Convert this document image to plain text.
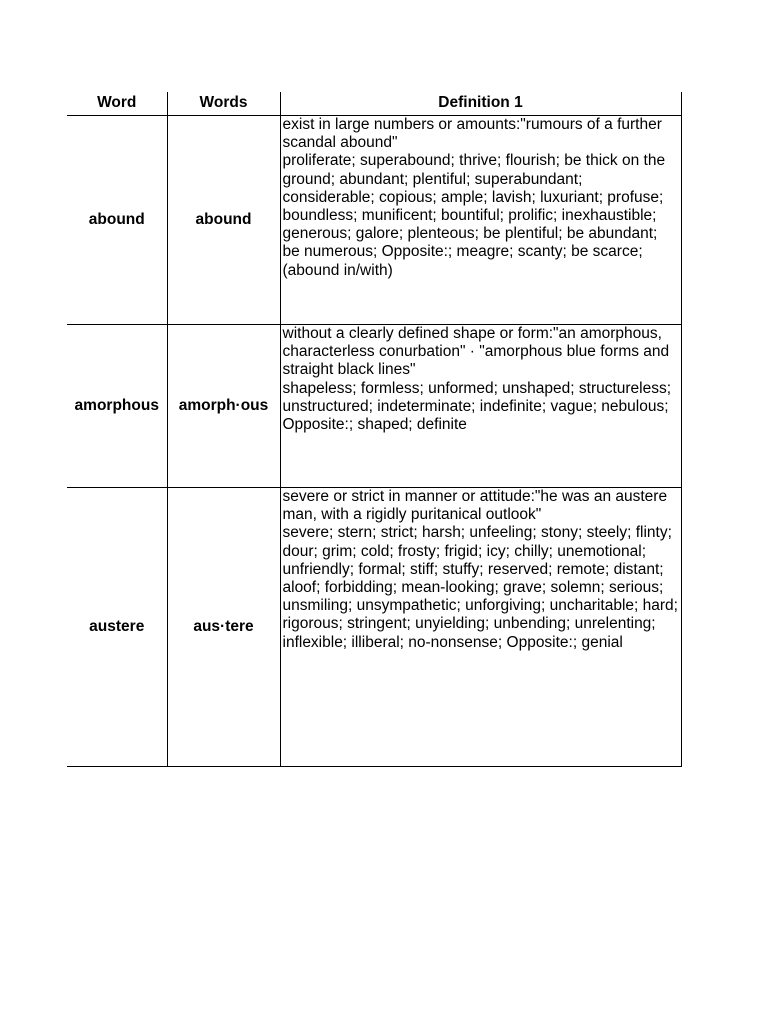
Word	Words	Definition 1
abound	abound	exist in large numbers or amounts:"rumours of a further scandal abound"
proliferate; superabound; thrive; flourish; be thick on the ground; abundant; plentiful; superabundant; considerable; copious; ample; lavish; luxuriant; profuse; boundless; munificent; bountiful; prolific; inexhaustible; generous; galore; plenteous; be plentiful; be abundant; be numerous; Opposite:; meagre; scanty; be scarce; (abound in/with)

amorphous	amorph·ous	without a clearly defined shape or form:"an amorphous, characterless conurbation" · "amorphous blue forms and straight black lines"
shapeless; formless; unformed; unshaped; structureless; unstructured; indeterminate; indefinite; vague; nebulous; Opposite:; shaped; definite

austere	aus·tere	severe or strict in manner or attitude:"he was an austere man, with a rigidly puritanical outlook"
severe; stern; strict; harsh; unfeeling; stony; steely; flinty; dour; grim; cold; frosty; frigid; icy; chilly; unemotional; unfriendly; formal; stiff; stuffy; reserved; remote; distant; aloof; forbidding; mean-looking; grave; solemn; serious; unsmiling; unsympathetic; unforgiving; uncharitable; hard; rigorous; stringent; unyielding; unbending; unrelenting; inflexible; illiberal; no-nonsense; Opposite:; genial
